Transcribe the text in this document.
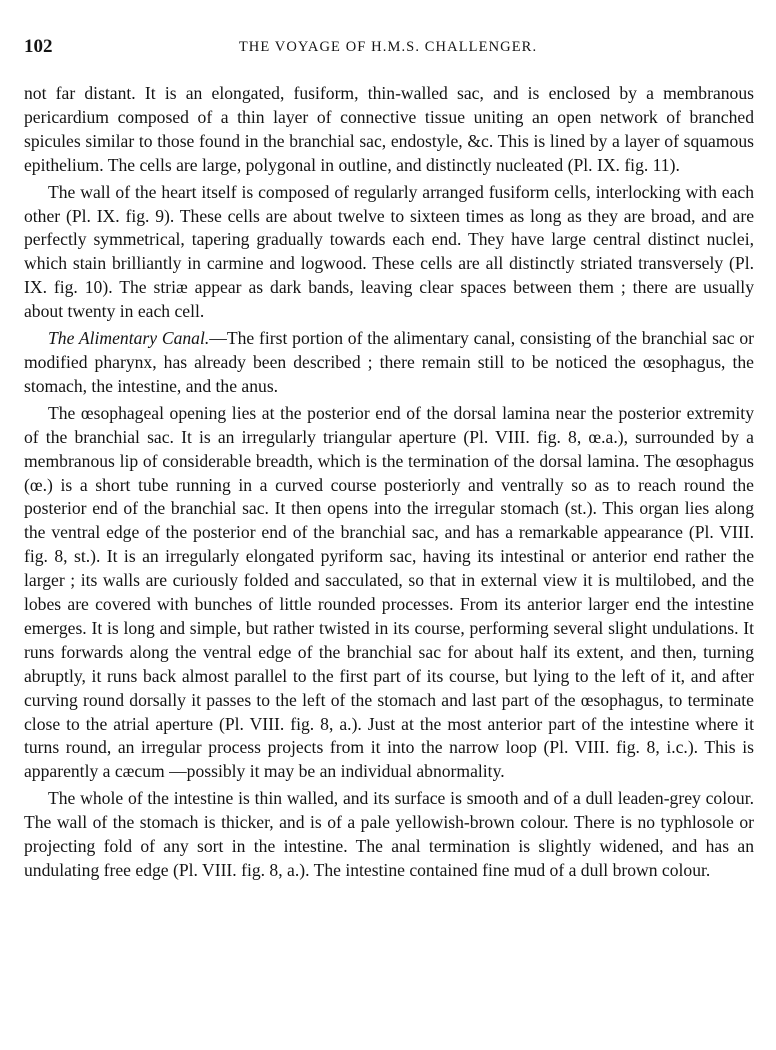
102	THE VOYAGE OF H.M.S. CHALLENGER.

not far distant. It is an elongated, fusiform, thin-walled sac, and is enclosed by a membranous pericardium composed of a thin layer of connective tissue uniting an open network of branched spicules similar to those found in the branchial sac, endostyle, &c. This is lined by a layer of squamous epithelium. The cells are large, polygonal in outline, and distinctly nucleated (Pl. IX. fig. 11).

The wall of the heart itself is composed of regularly arranged fusiform cells, interlocking with each other (Pl. IX. fig. 9). These cells are about twelve to sixteen times as long as they are broad, and are perfectly symmetrical, tapering gradually towards each end. They have large central distinct nuclei, which stain brilliantly in carmine and logwood. These cells are all distinctly striated transversely (Pl. IX. fig. 10). The striæ appear as dark bands, leaving clear spaces between them ; there are usually about twenty in each cell.

The Alimentary Canal.—The first portion of the alimentary canal, consisting of the branchial sac or modified pharynx, has already been described ; there remain still to be noticed the œsophagus, the stomach, the intestine, and the anus.

The œsophageal opening lies at the posterior end of the dorsal lamina near the posterior extremity of the branchial sac. It is an irregularly triangular aperture (Pl. VIII. fig. 8, œ.a.), surrounded by a membranous lip of considerable breadth, which is the termination of the dorsal lamina. The œsophagus (œ.) is a short tube running in a curved course posteriorly and ventrally so as to reach round the posterior end of the branchial sac. It then opens into the irregular stomach (st.). This organ lies along the ventral edge of the posterior end of the branchial sac, and has a remarkable appearance (Pl. VIII. fig. 8, st.). It is an irregularly elongated pyriform sac, having its intestinal or anterior end rather the larger ; its walls are curiously folded and sacculated, so that in external view it is multilobed, and the lobes are covered with bunches of little rounded processes. From its anterior larger end the intestine emerges. It is long and simple, but rather twisted in its course, performing several slight undulations. It runs forwards along the ventral edge of the branchial sac for about half its extent, and then, turning abruptly, it runs back almost parallel to the first part of its course, but lying to the left of it, and after curving round dorsally it passes to the left of the stomach and last part of the œsophagus, to terminate close to the atrial aperture (Pl. VIII. fig. 8, a.). Just at the most anterior part of the intestine where it turns round, an irregular process projects from it into the narrow loop (Pl. VIII. fig. 8, i.c.). This is apparently a cæcum —possibly it may be an individual abnormality.

The whole of the intestine is thin walled, and its surface is smooth and of a dull leaden-grey colour. The wall of the stomach is thicker, and is of a pale yellowish-brown colour. There is no typhlosole or projecting fold of any sort in the intestine. The anal termination is slightly widened, and has an undulating free edge (Pl. VIII. fig. 8, a.). The intestine contained fine mud of a dull brown colour.
